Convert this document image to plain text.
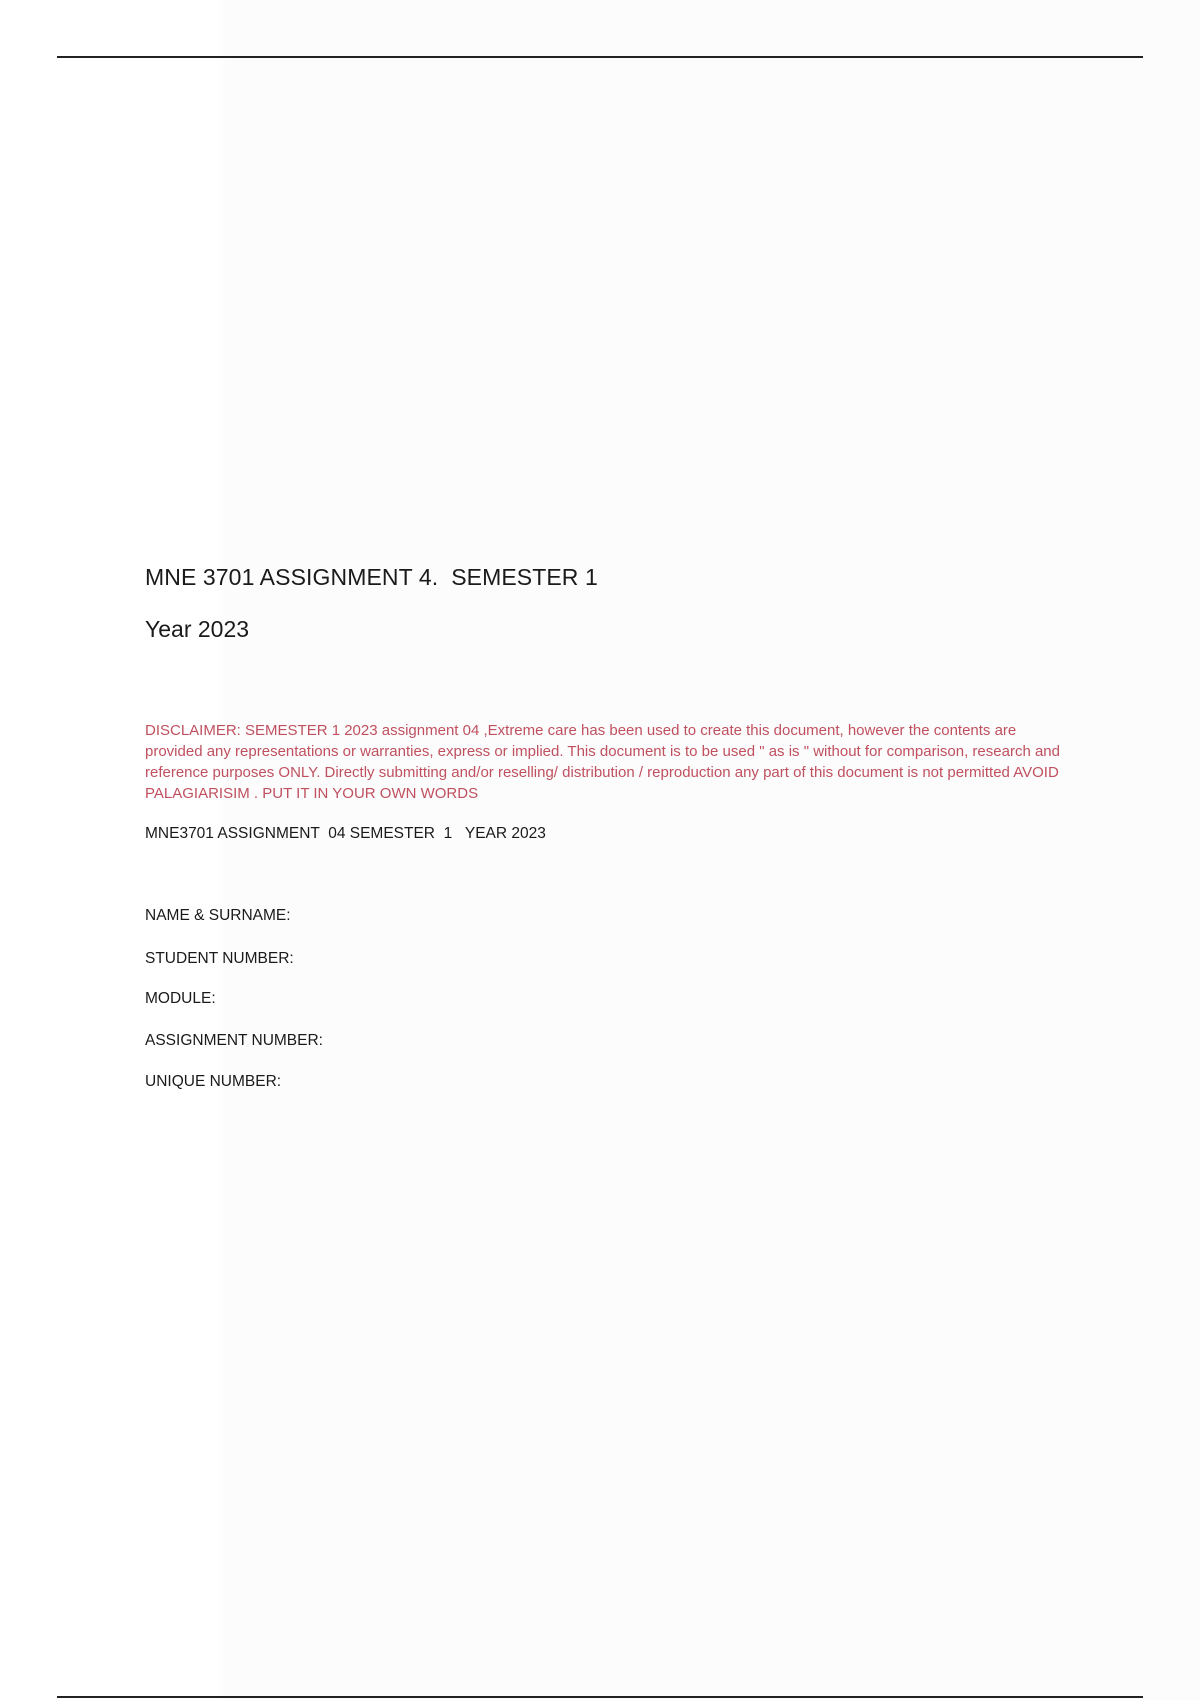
MNE 3701 ASSIGNMENT 4.  SEMESTER 1
Year 2023

DISCLAIMER: SEMESTER 1 2023 assignment 04 ,Extreme care has been used to create this document, however the contents are provided any representations or warranties, express or implied. This document is to be used " as is " without for comparison, research and reference purposes ONLY. Directly submitting and/or reselling/ distribution / reproduction any part of this document is not permitted AVOID PALAGIARISIM . PUT IT IN YOUR OWN WORDS

MNE3701 ASSIGNMENT  04 SEMESTER  1   YEAR 2023

NAME & SURNAME:

STUDENT NUMBER:

MODULE:

ASSIGNMENT NUMBER:

UNIQUE NUMBER:
